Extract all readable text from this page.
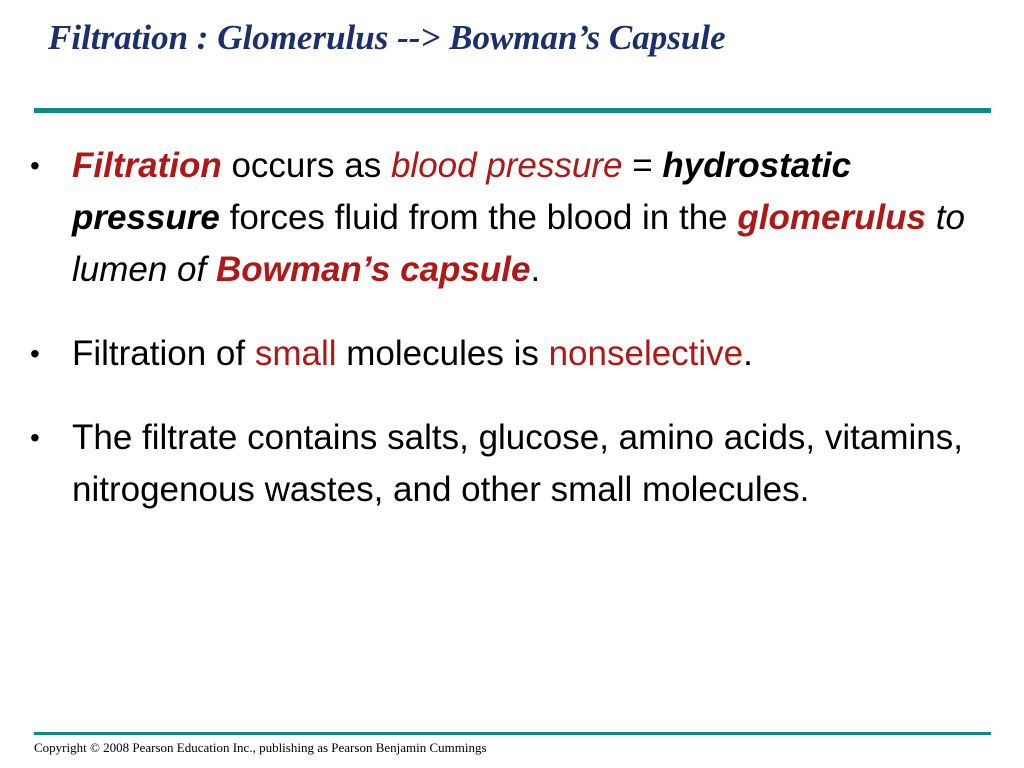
Filtration : Glomerulus --> Bowman’s Capsule
• Filtration occurs as blood pressure = hydrostatic pressure forces fluid from the blood in the glomerulus to lumen of Bowman’s capsule.
• Filtration of small molecules is nonselective.
• The filtrate contains salts, glucose, amino acids, vitamins, nitrogenous wastes, and other small molecules.
Copyright © 2008 Pearson Education Inc., publishing as Pearson Benjamin Cummings
